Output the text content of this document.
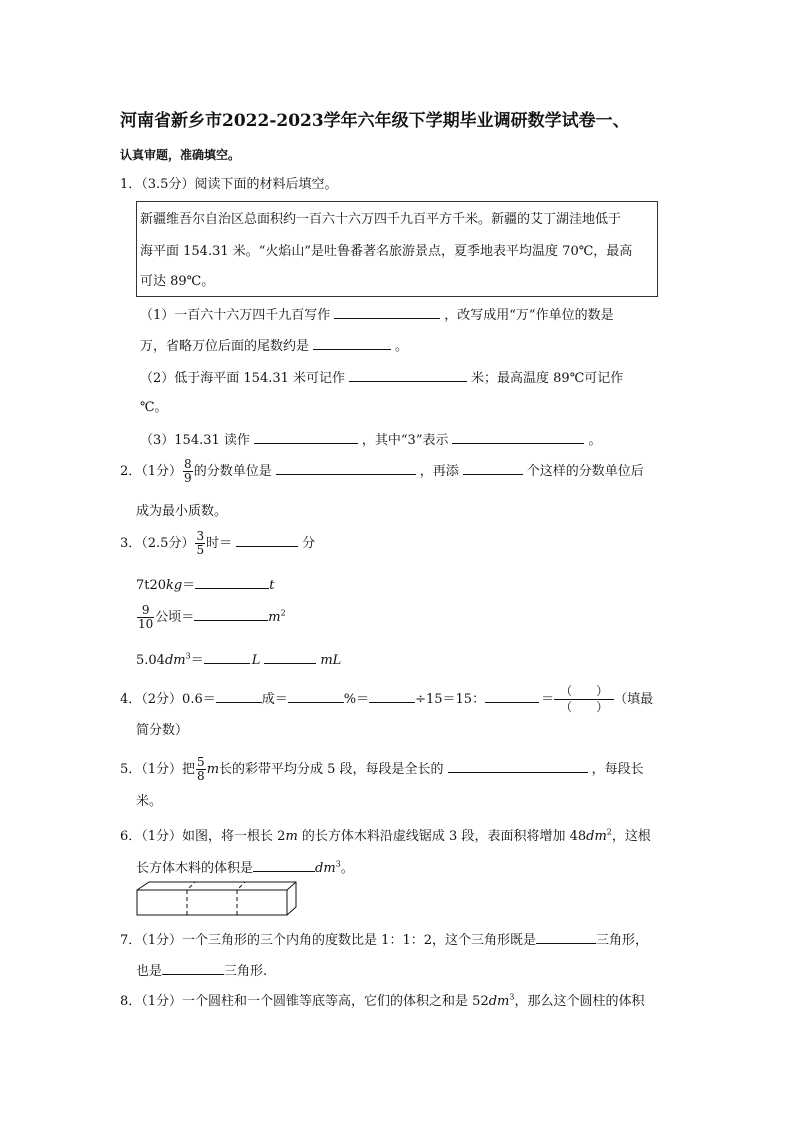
河南省新乡市2022-2023学年六年级下学期毕业调研数学试卷一、
认真审题，准确填空。
1．（3.5分）阅读下面的材料后填空。
新疆维吾尔自治区总面积约一百六十六万四千九百平方千米。新疆的艾丁湖洼地低于
海平面 154.31 米。“火焰山”是吐鲁番著名旅游景点，夏季地表平均温度 70℃，最高
可达 89℃。
（1）一百六十六万四千九百写作	，改写成用“万”作单位的数是
万，省略万位后面的尾数约是	。
（2）低于海平面 154.31 米可记作	米；最高温度 89℃可记作
℃。
（3）154.31 读作	，其中“3”表示	。
2．（1分） $\frac{8}{9}$ 的分数单位是	，再添	个这样的分数单位后
成为最小质数。
3．（2.5分） $\frac{3}{5}$ 时＝	分
7t20kg＝	t
$\frac{9}{10}$ 公顷＝	$m^2$
$5.04dm^3=$	L	mL
4．（2分）0.6＝	成＝	%＝	÷15＝15：	＝ $\frac{( )}{( )}$ （填最
简分数）
5．（1分）把 $\frac{5}{8}$ m长的彩带平均分成 5 段，每段是全长的	，每段长
米。
6．（1分）如图，将一根长 2m 的长方体木料沿虚线锯成 3 段，表面积将增加 $48dm^2$，这根
长方体木料的体积是	$dm^3$。
7．（1分）一个三角形的三个内角的度数比是 1：1：2，这个三角形既是	三角形，
也是	三角形.
8．（1分）一个圆柱和一个圆锥等底等高，它们的体积之和是 $52dm^3$，那么这个圆柱的体积
